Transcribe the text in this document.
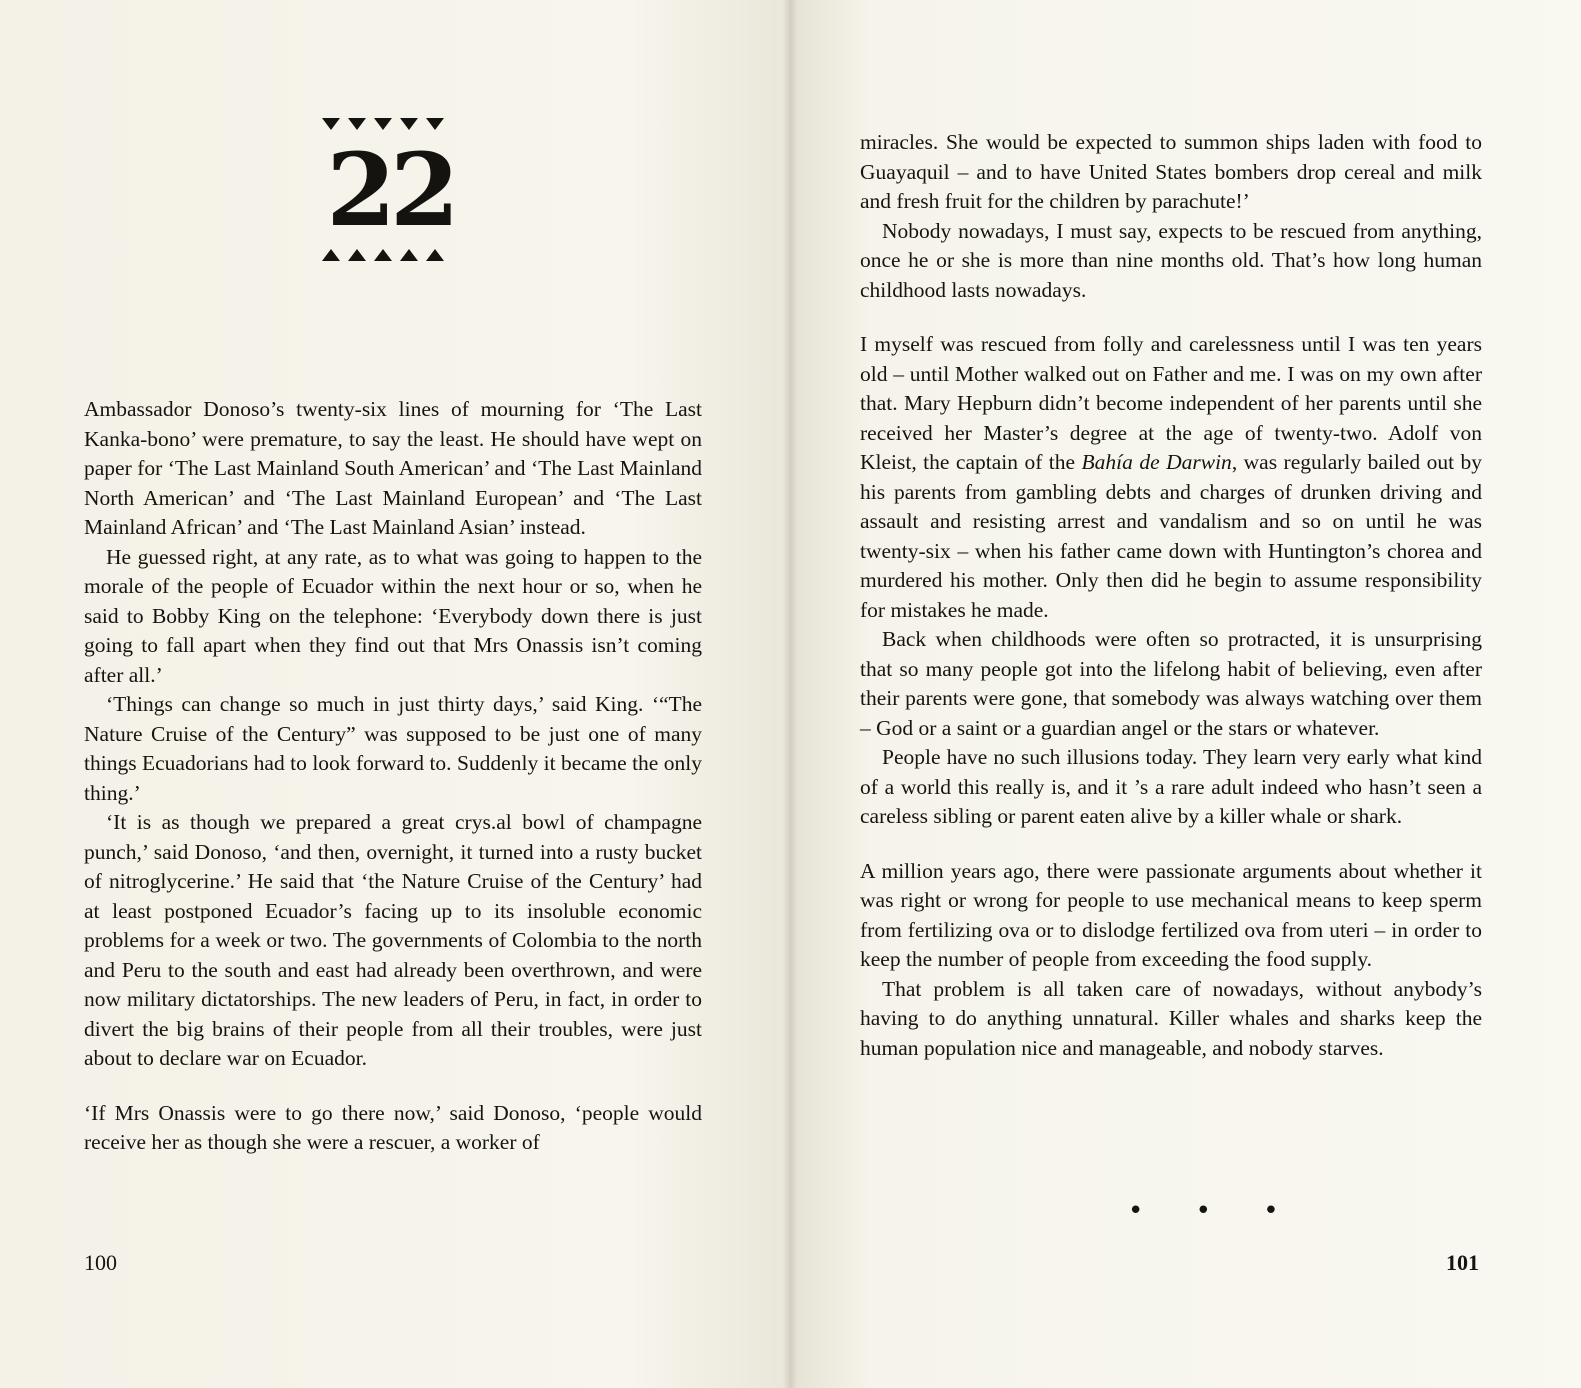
22

Ambassador Donoso’s twenty-six lines of mourning for ‘The Last Kanka-bono’ were premature, to say the least. He should have wept on paper for ‘The Last Mainland South American’ and ‘The Last Mainland North American’ and ‘The Last Mainland European’ and ‘The Last Mainland African’ and ‘The Last Mainland Asian’ instead.

He guessed right, at any rate, as to what was going to happen to the morale of the people of Ecuador within the next hour or so, when he said to Bobby King on the telephone: ‘Everybody down there is just going to fall apart when they find out that Mrs Onassis isn’t coming after all.’

‘Things can change so much in just thirty days,’ said King. ‘“The Nature Cruise of the Century” was supposed to be just one of many things Ecuadorians had to look forward to. Suddenly it became the only thing.’

‘It is as though we prepared a great crys.al bowl of champagne punch,’ said Donoso, ‘and then, overnight, it turned into a rusty bucket of nitroglycerine.’ He said that ‘the Nature Cruise of the Century’ had at least postponed Ecuador’s facing up to its insoluble economic problems for a week or two. The governments of Colombia to the north and Peru to the south and east had already been overthrown, and were now military dictatorships. The new leaders of Peru, in fact, in order to divert the big brains of their people from all their troubles, were just about to declare war on Ecuador.

‘If Mrs Onassis were to go there now,’ said Donoso, ‘people would receive her as though she were a rescuer, a worker of

100

miracles. She would be expected to summon ships laden with food to Guayaquil – and to have United States bombers drop cereal and milk and fresh fruit for the children by parachute!’

Nobody nowadays, I must say, expects to be rescued from anything, once he or she is more than nine months old. That’s how long human childhood lasts nowadays.

I myself was rescued from folly and carelessness until I was ten years old – until Mother walked out on Father and me. I was on my own after that. Mary Hepburn didn’t become independent of her parents until she received her Master’s degree at the age of twenty-two. Adolf von Kleist, the captain of the Bahía de Darwin, was regularly bailed out by his parents from gambling debts and charges of drunken driving and assault and resisting arrest and vandalism and so on until he was twenty-six – when his father came down with Huntington’s chorea and murdered his mother. Only then did he begin to assume responsibility for mistakes he made.

Back when childhoods were often so protracted, it is unsurprising that so many people got into the lifelong habit of believing, even after their parents were gone, that somebody was always watching over them – God or a saint or a guardian angel or the stars or whatever.

People have no such illusions today. They learn very early what kind of a world this really is, and it ’s a rare adult indeed who hasn’t seen a careless sibling or parent eaten alive by a killer whale or shark.

A million years ago, there were passionate arguments about whether it was right or wrong for people to use mechanical means to keep sperm from fertilizing ova or to dislodge fertilized ova from uteri – in order to keep the number of people from exceeding the food supply.

That problem is all taken care of nowadays, without anybody’s having to do anything unnatural. Killer whales and sharks keep the human population nice and manageable, and nobody starves.

• • •
101
